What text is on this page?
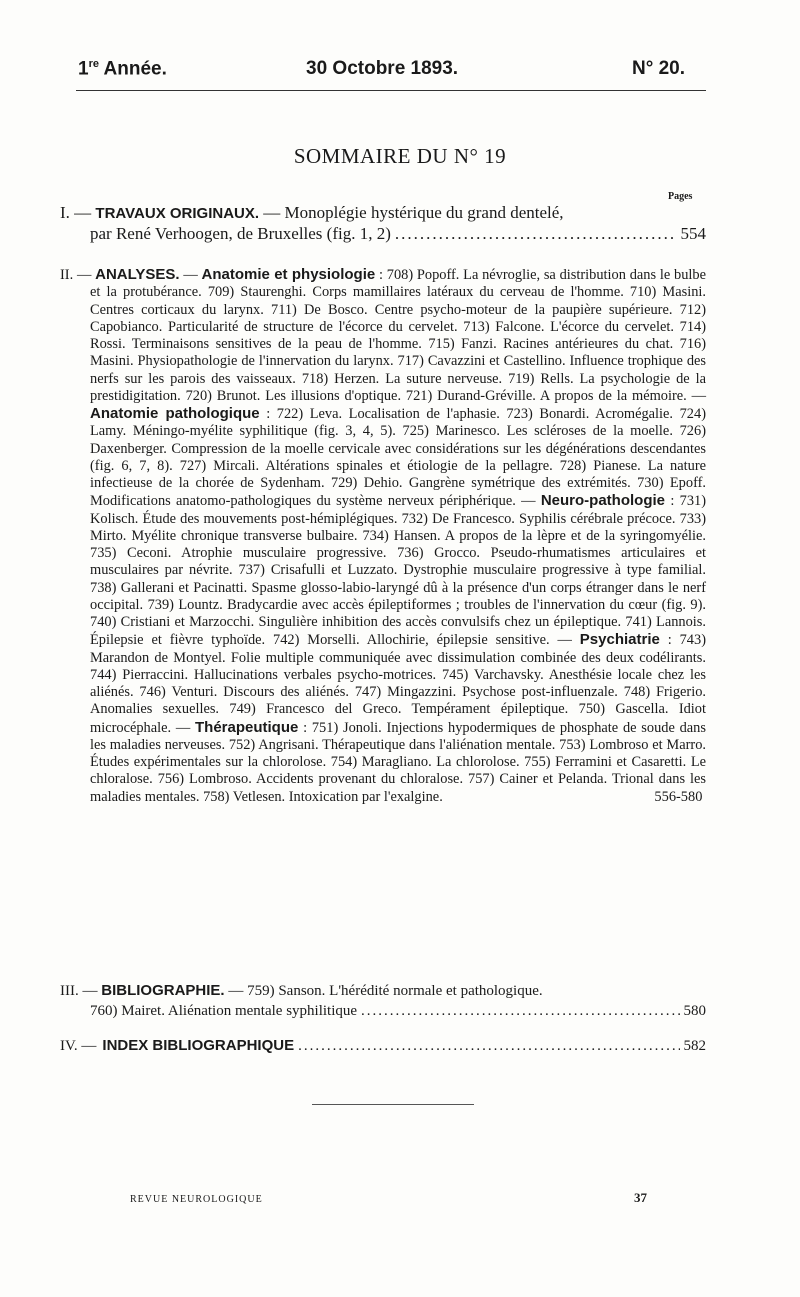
1re Année.	30 Octobre 1893.	N° 20.
SOMMAIRE DU N° 19
Pages
I. — TRAVAUX ORIGINAUX. — Monoplégie hystérique du grand dentelé,
par René Verhoogen, de Bruxelles (fig. 1, 2) .....	554
II. — ANALYSES. — Anatomie et physiologie : 708) Popoff. La névroglie, sa distribution dans le bulbe et la protubérance. 709) Staurenghi. Corps mamillaires latéraux du cerveau de l'homme. 710) Masini. Centres corticaux du larynx. 711) De Bosco. Centre psycho-moteur de la paupière supérieure. 712) Capobianco. Particularité de structure de l'écorce du cervelet. 713) Falcone. L'écorce du cervelet. 714) Rossi. Terminaisons sensitives de la peau de l'homme. 715) Fanzi. Racines antérieures du chat. 716) Masini. Physiopathologie de l'innervation du larynx. 717) Cavazzini et Castellino. Influence trophique des nerfs sur les parois des vaisseaux. 718) Herzen. La suture nerveuse. 719) Rells. La psychologie de la prestidigitation. 720) Brunot. Les illusions d'optique. 721) Durand-Gréville. A propos de la mémoire. — Anatomie pathologique : 722) Leva. Localisation de l'aphasie. 723) Bonardi. Acromégalie. 724) Lamy. Méningo-myélite syphilitique (fig. 3, 4, 5). 725) Marinesco. Les scléroses de la moelle. 726) Daxenberger. Compression de la moelle cervicale avec considérations sur les dégénérations descendantes (fig. 6, 7, 8). 727) Mircali. Altérations spinales et étiologie de la pellagre. 728) Pianese. La nature infectieuse de la chorée de Sydenham. 729) Dehio. Gangrène symétrique des extrémités. 730) Epoff. Modifications anatomo-pathologiques du système nerveux périphérique. — Neuro-pathologie : 731) Kolisch. Étude des mouvements post-hémiplégiques. 732) De Francesco. Syphilis cérébrale précoce. 733) Mirto. Myélite chronique transverse bulbaire. 734) Hansen. A propos de la lèpre et de la syringomyélie. 735) Ceconi. Atrophie musculaire progressive. 736) Grocco. Pseudo-rhumatismes articulaires et musculaires par névrite. 737) Crisafulli et Luzzato. Dystrophie musculaire progressive à type familial. 738) Gallerani et Pacinatti. Spasme glosso-labio-laryngé dû à la présence d'un corps étranger dans le nerf occipital. 739) Lountz. Bradycardie avec accès épileptiformes ; troubles de l'innervation du cœur (fig. 9). 740) Cristiani et Marzocchi. Singulière inhibition des accès convulsifs chez un épileptique. 741) Lannois. Épilepsie et fièvre typhoïde. 742) Morselli. Allochirie, épilepsie sensitive. — Psychiatrie : 743) Marandon de Montyel. Folie multiple communiquée avec dissimulation combinée des deux codélirants. 744) Pierraccini. Hallucinations verbales psycho-motrices. 745) Varchavsky. Anesthésie locale chez les aliénés. 746) Venturi. Discours des aliénés. 747) Mingazzini. Psychose post-influenzale. 748) Frigerio. Anomalies sexuelles. 749) Francesco del Greco. Tempérament épileptique. 750) Gascella. Idiot microcéphale. — Thérapeutique : 751) Jonoli. Injections hypodermiques de phosphate de soude dans les maladies nerveuses. 752) Angrisani. Thérapeutique dans l'aliénation mentale. 753) Lombroso et Marro. Études expérimentales sur la chlorolose. 754) Maragliano. La chlorolose. 755) Ferramini et Casaretti. Le chloralose. 756) Lombroso. Accidents provenant du chloralose. 757) Cainer et Pelanda. Trional dans les maladies mentales. 758) Vetlesen. Intoxication par l'exalgine.	556-580
III. — BIBLIOGRAPHIE. — 759) Sanson. L'hérédité normale et pathologique.
760) Mairet. Aliénation mentale syphilitique .....	580
IV. — INDEX BIBLIOGRAPHIQUE .....	582
REVUE NEUROLOGIQUE	37
